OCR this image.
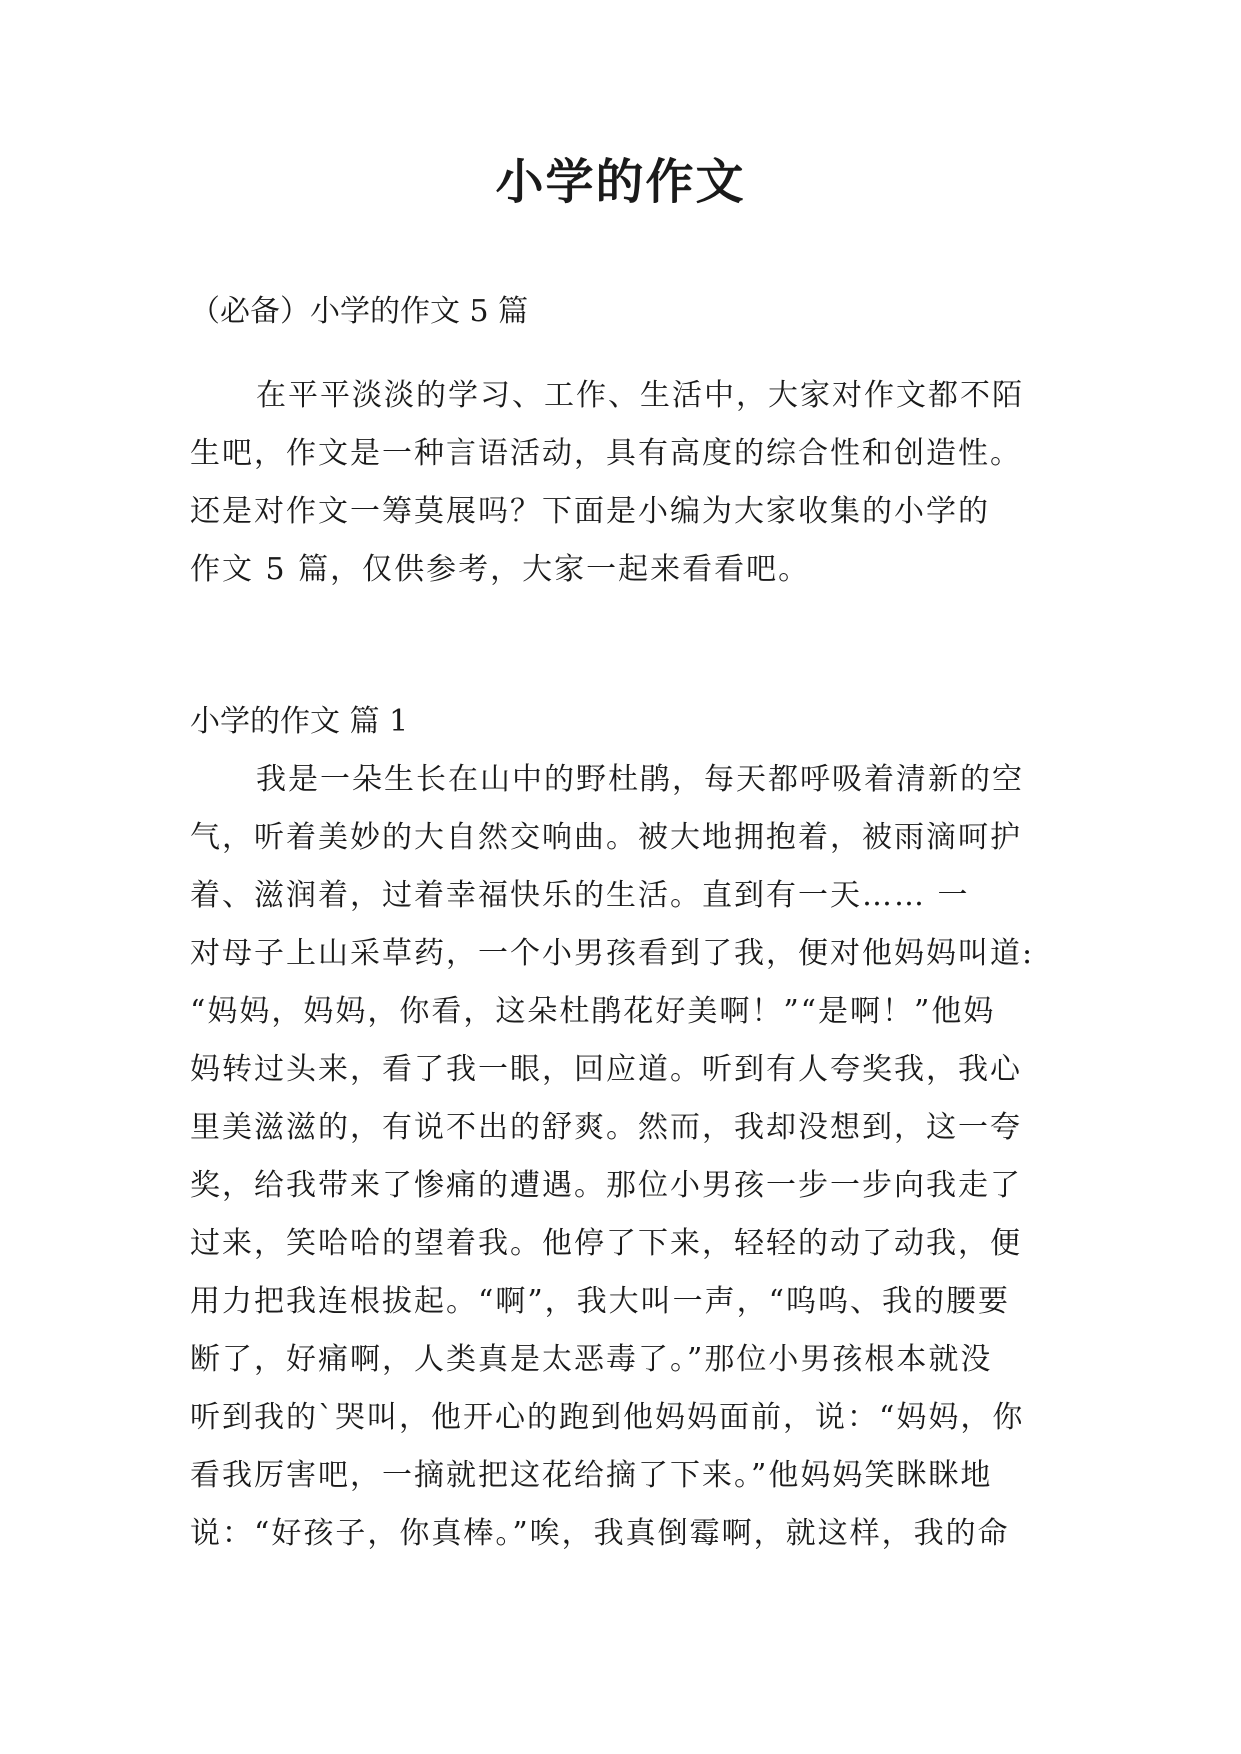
小学的作文

（必备）小学的作文 5 篇

在平平淡淡的学习、工作、生活中，大家对作文都不陌

生吧，作文是一种言语活动，具有高度的综合性和创造性。

还是对作文一筹莫展吗？下面是小编为大家收集的小学的

作文 5 篇，仅供参考，大家一起来看看吧。

小学的作文 篇 1

我是一朵生长在山中的野杜鹃，每天都呼吸着清新的空

气，听着美妙的大自然交响曲。被大地拥抱着，被雨滴呵护

着、滋润着，过着幸福快乐的生活。直到有一天…… 一

对母子上山采草药，一个小男孩看到了我，便对他妈妈叫道:

“妈妈，妈妈，你看，这朵杜鹃花好美啊！”“是啊！”他妈

妈转过头来，看了我一眼，回应道。听到有人夸奖我，我心

里美滋滋的，有说不出的舒爽。然而，我却没想到，这一夸

奖，给我带来了惨痛的遭遇。那位小男孩一步一步向我走了

过来，笑哈哈的望着我。他停了下来，轻轻的动了动我，便

用力把我连根拔起。“啊”，我大叫一声，“呜呜、我的腰要

断了，好痛啊，人类真是太恶毒了。”那位小男孩根本就没

听到我的`哭叫，他开心的跑到他妈妈面前，说：“妈妈，你

看我厉害吧，一摘就把这花给摘了下来。”他妈妈笑眯眯地

说：“好孩子，你真棒。”唉，我真倒霉啊，就这样，我的命
